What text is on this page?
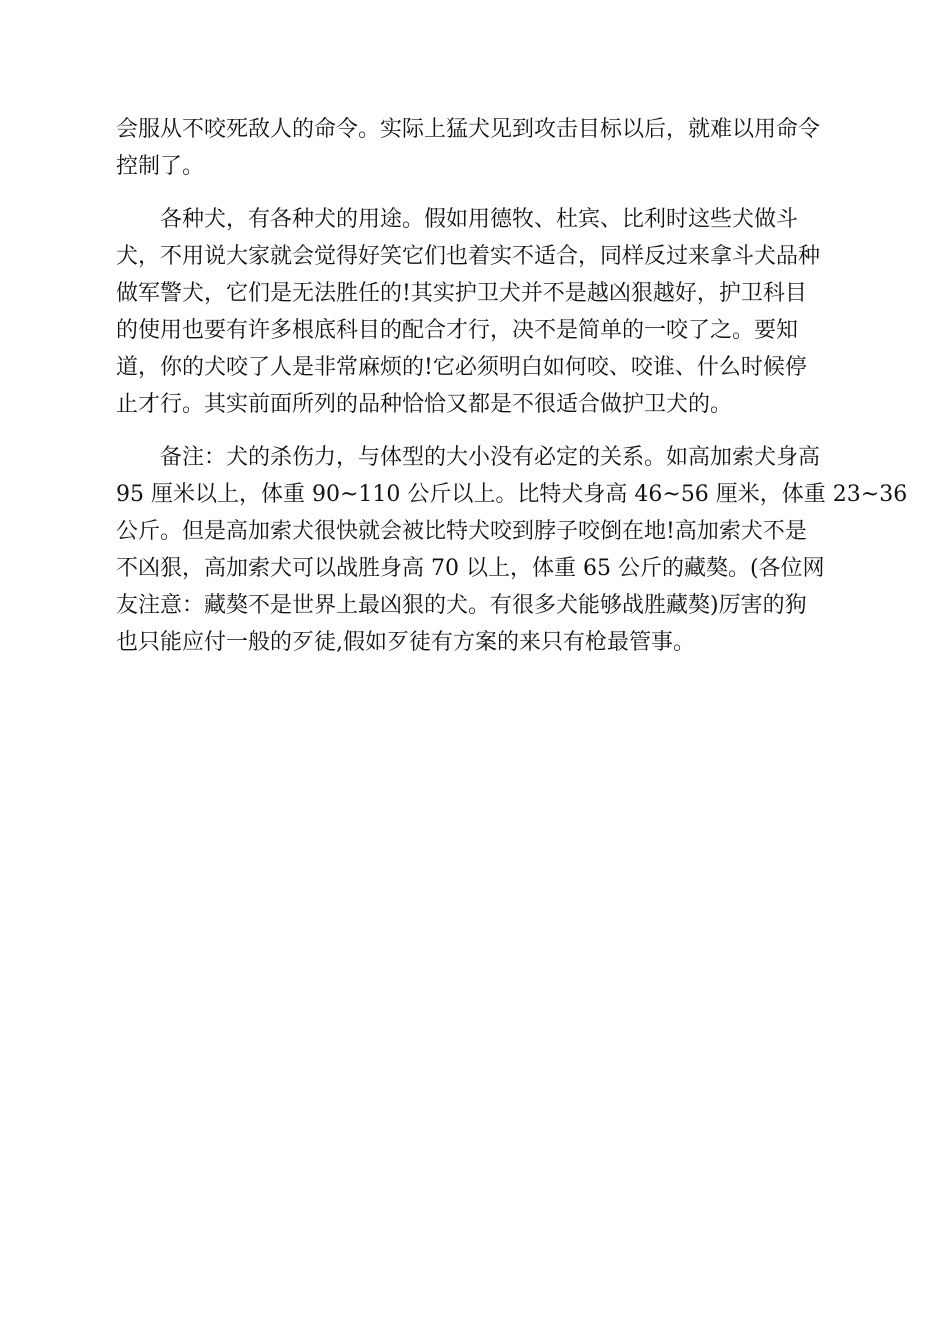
会服从不咬死敌人的命令。实际上猛犬见到攻击目标以后，就难以用命令
控制了。
各种犬，有各种犬的用途。假如用德牧、杜宾、比利时这些犬做斗
犬，不用说大家就会觉得好笑它们也着实不适合，同样反过来拿斗犬品种
做军警犬，它们是无法胜任的!其实护卫犬并不是越凶狠越好，护卫科目
的使用也要有许多根底科目的配合才行，决不是简单的一咬了之。要知
道，你的犬咬了人是非常麻烦的!它必须明白如何咬、咬谁、什么时候停
止才行。其实前面所列的品种恰恰又都是不很适合做护卫犬的。
备注：犬的杀伤力，与体型的大小没有必定的关系。如高加索犬身高
95 厘米以上，体重 90~110 公斤以上。比特犬身高 46~56 厘米，体重 23~36
公斤。但是高加索犬很快就会被比特犬咬到脖子咬倒在地!高加索犬不是
不凶狠，高加索犬可以战胜身高 70 以上，体重 65 公斤的藏獒。(各位网
友注意：藏獒不是世界上最凶狠的犬。有很多犬能够战胜藏獒)厉害的狗
也只能应付一般的歹徒,假如歹徒有方案的来只有枪最管事。
